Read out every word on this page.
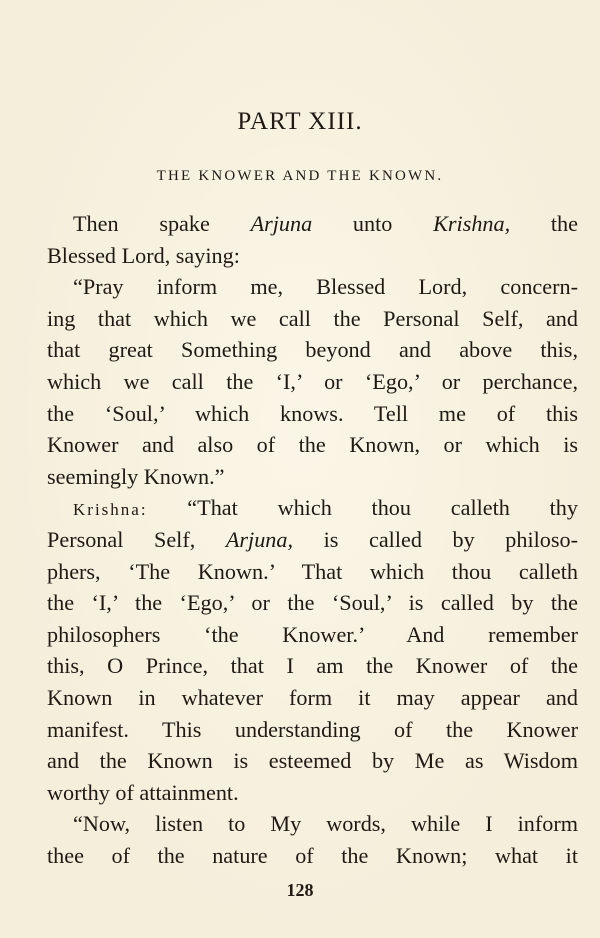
PART XIII.
THE KNOWER AND THE KNOWN.
Then spake Arjuna unto Krishna, the
Blessed Lord, saying:
“Pray inform me, Blessed Lord, concern-
ing that which we call the Personal Self, and
that great Something beyond and above this,
which we call the ‘I,’ or ‘Ego,’ or perchance,
the ‘Soul,’ which knows. Tell me of this
Knower and also of the Known, or which is
seemingly Known.”
Krishna: “That which thou calleth thy
Personal Self, Arjuna, is called by philoso-
phers, ‘The Known.’ That which thou calleth
the ‘I,’ the ‘Ego,’ or the ‘Soul,’ is called by the
philosophers ‘the Knower.’ And remember
this, O Prince, that I am the Knower of the
Known in whatever form it may appear and
manifest. This understanding of the Knower
and the Known is esteemed by Me as Wisdom
worthy of attainment.
“Now, listen to My words, while I inform
thee of the nature of the Known; what it
128
